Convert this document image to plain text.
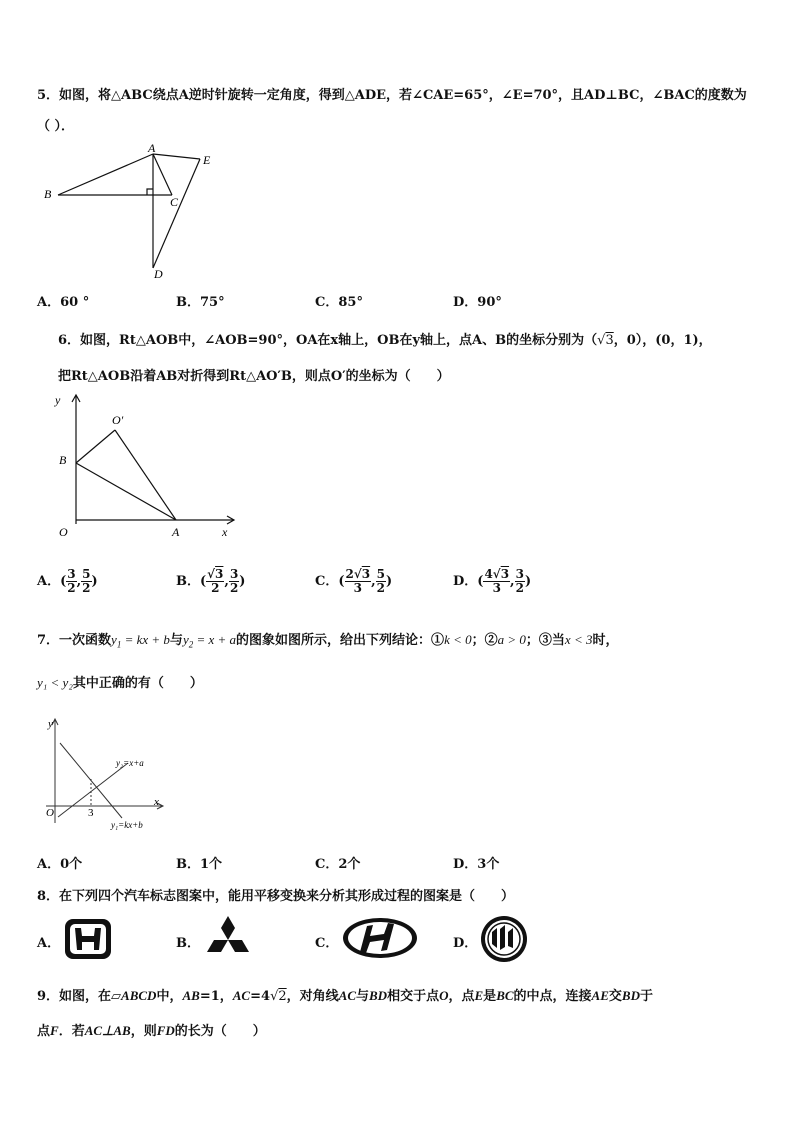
5．如图，将△ABC绕点A逆时针旋转一定角度，得到△ADE，若∠CAE=65°，∠E=70°，且AD⊥BC，∠BAC的度数为
（ ）．
A
B
C
D
E
A．60 °	B．75°	C．85°	D．90°
6．如图，Rt△AOB中，∠AOB=90°，OA在x轴上，OB在y轴上，点A、B的坐标分别为（√3，0），(0，1)，
把Rt△AOB沿着AB对折得到Rt△AO′B，则点O′的坐标为（　　）
y
x
B
O	A
O′
A．( $\frac{3}{2}$ , $\frac{5}{2}$ )	B．( $\frac{√3}{2}$ , $\frac{3}{2}$ )	C．( $\frac{2√3}{3}$ , $\frac{5}{2}$ )	D．( $\frac{4√3}{3}$ , $\frac{3}{2}$ )
7．一次函数$y_1$ = kx + b与$y_2 = x + a$的图象如图所示，给出下列结论：①k < 0；②a > 0；③当x < 3时，
y₁ < y₂其中正确的有（　　）
y
x
O	3
y₂=x+a
y₁=kx+b
A．0个	B．1个	C．2个	D．3个
8．在下列四个汽车标志图案中，能用平移变换来分析其形成过程的图案是（　　）
A．	B．	C．	D．
9．如图，在▱ABCD中，AB=1，AC=4√2，对角线AC与BD相交于点O，点E是BC的中点，连接AE交BD于
点F．若AC⊥AB，则FD的长为（　　）
